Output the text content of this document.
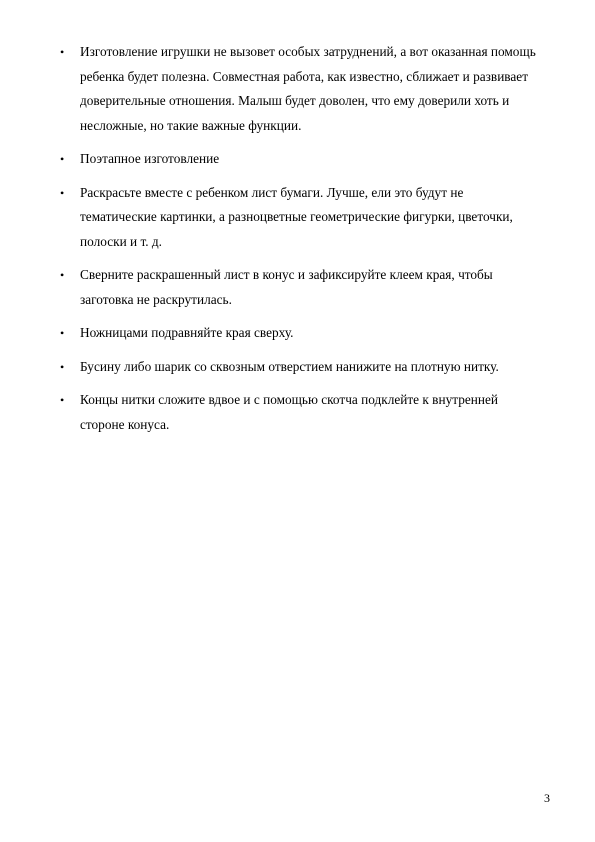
•	Изготовление игрушки не вызовет особых затруднений, а вот оказанная помощь ребенка будет полезна. Совместная работа, как известно, сближает и развивает доверительные отношения. Малыш будет доволен, что ему доверили хоть и несложные, но такие важные функции.
•	Поэтапное изготовление
•	Раскрасьте вместе с ребенком лист бумаги. Лучше, ели это будут не тематические картинки, а разноцветные геометрические фигурки, цветочки, полоски и т. д.
•	Сверните раскрашенный лист в конус и зафиксируйте клеем края, чтобы заготовка не раскрутилась.
•	Ножницами подравняйте края сверху.
•	Бусину либо шарик со сквозным отверстием нанижите на плотную нитку.
•	Концы нитки сложите вдвое и с помощью скотча подклейте к внутренней стороне конуса.
3
